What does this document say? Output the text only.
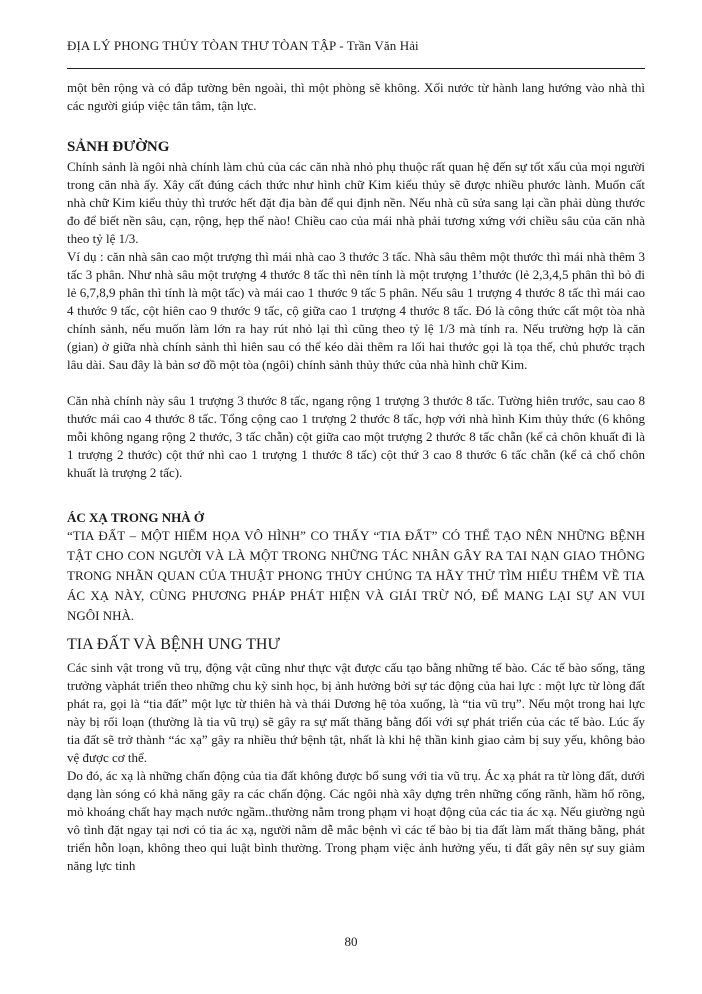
ĐỊA LÝ PHONG THỦY TÒAN THƯ TÒAN TẬP - Trần Văn Hải

một bên rộng và có đắp tường bên ngoài, thì một phòng sẽ không. Xối nước từ hành lang hướng vào nhà thì các người giúp việc tân tâm, tận lực.

SẢNH ĐƯỜNG

Chính sảnh là ngôi nhà chính làm chủ của các căn nhà nhỏ phụ thuộc rất quan hệ đến sự tốt xấu của mọi người trong căn nhà ấy. Xây cất đúng cách thức như hình chữ Kim kiểu thủy sẽ được nhiều phước lành. Muốn cất nhà chữ Kim kiểu thủy thì trước hết đặt địa bàn để qui định nền. Nếu nhà cũ sửa sang lại cần phải dùng thước đo để biết nền sâu, cạn, rộng, hẹp thế nào! Chiều cao của mái nhà phải tương xứng với chiều sâu của căn nhà theo tỷ lệ 1/3.

Ví dụ : căn nhà sân cao một trượng thì mái nhà cao 3 thước 3 tấc. Nhà sâu thêm một thước thì mái nhà thêm 3 tấc 3 phân. Như nhà sâu một trượng 4 thước 8 tấc thì nên tính là một trượng 1’thước (lẻ 2,3,4,5 phân thì bỏ đi lẻ 6,7,8,9 phân thì tính là một tấc) và mái cao 1 thước 9 tấc 5 phân. Nếu sâu 1 trượng 4 thước 8 tấc thì mái cao 4 thước 9 tấc, cột hiên cao 9 thước 9 tấc, cộ giữa cao 1 trượng 4 thước 8 tấc. Đó là công thức cất một tòa nhà chính sảnh, nếu muốn làm lớn ra hay rút nhỏ lại thì cũng theo tỷ lệ 1/3 mà tính ra. Nếu trường hợp là căn (gian) ở giữa nhà chính sảnh thì hiên sau có thể kéo dài thêm ra lối hai thước gọi là tọa thế, chủ phước trạch lâu dài. Sau đây là bản sơ đồ một tòa (ngôi) chính sảnh thủy thức của nhà hình chữ Kim.

Căn nhà chính này sâu 1 trượng 3 thước 8 tấc, ngang rộng 1 trượng 3 thước 8 tấc. Tường hiên trước, sau cao 8 thước mái cao 4 thước 8 tấc. Tổng cộng cao 1 trượng 2 thước 8 tấc, hợp với nhà hình Kim thủy thức (6 không mỗi không ngang rộng 2 thước, 3 tấc chẵn) cột giữa cao một trượng 2 thước 8 tấc chẵn (kể cả chôn khuất đi là 1 trượng 2 thước) cột thứ nhì cao 1 trượng 1 thước 8 tấc) cột thứ 3 cao 8 thước 6 tấc chẵn (kể cả chổ chôn khuất là trượng 2 tấc).

ÁC XẠ TRONG NHÀ Ở

“TIA ĐẤT – MỘT HIỂM HỌA VÔ HÌNH” CO THẤY “TIA ĐẤT” CÓ THỂ TẠO NÊN NHỮNG BỆNH TẬT CHO CON NGƯỜI VÀ LÀ MỘT TRONG NHỮNG TÁC NHÂN GÂY RA TAI NẠN GIAO THÔNG TRONG NHÃN QUAN CỦA THUẬT PHONG THỦY CHÚNG TA HÃY THỬ TÌM HIỂU THÊM VỀ TIA ÁC XẠ NÀY, CÙNG PHƯƠNG PHÁP PHÁT HIỆN VÀ GIẢI TRỪ NÓ, ĐỂ MANG LẠI SỰ AN VUI NGÔI NHÀ.

TIA ĐẤT VÀ BỆNH UNG THƯ

Các sinh vật trong vũ trụ, động vật cũng như thực vật được cấu tạo bằng những tế bào. Các tế bào sống, tăng trưởng vàphát triển theo những chu kỳ sinh học, bị ảnh hưởng bởi sự tác động của hai lực : một lực từ lòng đất phát ra, gọi là “tia đất” một lực từ thiên hà và thái Dương hệ tỏa xuống, là “tia vũ trụ”. Nếu một trong hai lực này bị rối loạn (thường là tia vũ trụ) sẽ gây ra sự mất thăng bằng đối với sự phát triển của các tế bào. Lúc ấy tia đất sẽ trở thành “ác xạ” gây ra nhiều thứ bệnh tật, nhất là khi hệ thần kinh giao cảm bị suy yếu, không bảo vệ được cơ thể.

Do đó, ác xạ là những chấn động của tia đất không được bổ sung với tia vũ trụ. Ác xạ phát ra từ lòng đất, dưới dạng làn sóng có khả năng gây ra các chấn động. Các ngôi nhà xây dựng trên những cống rãnh, hầm hố rõng, mỏ khoáng chất hay mạch nước ngầm..thường nằm trong phạm vi hoạt động của các tia ác xạ. Nếu giường ngủ vô tình đặt ngay tại nơi có tia ác xạ, người nằm dễ mắc bệnh vì các tế bào bị tia đất làm mất thăng bằng, phát triển hỗn loạn, không theo qui luật bình thường. Trong phạm việc ảnh hưởng yếu, ti đất gây nên sự suy giảm năng lực tinh

80
